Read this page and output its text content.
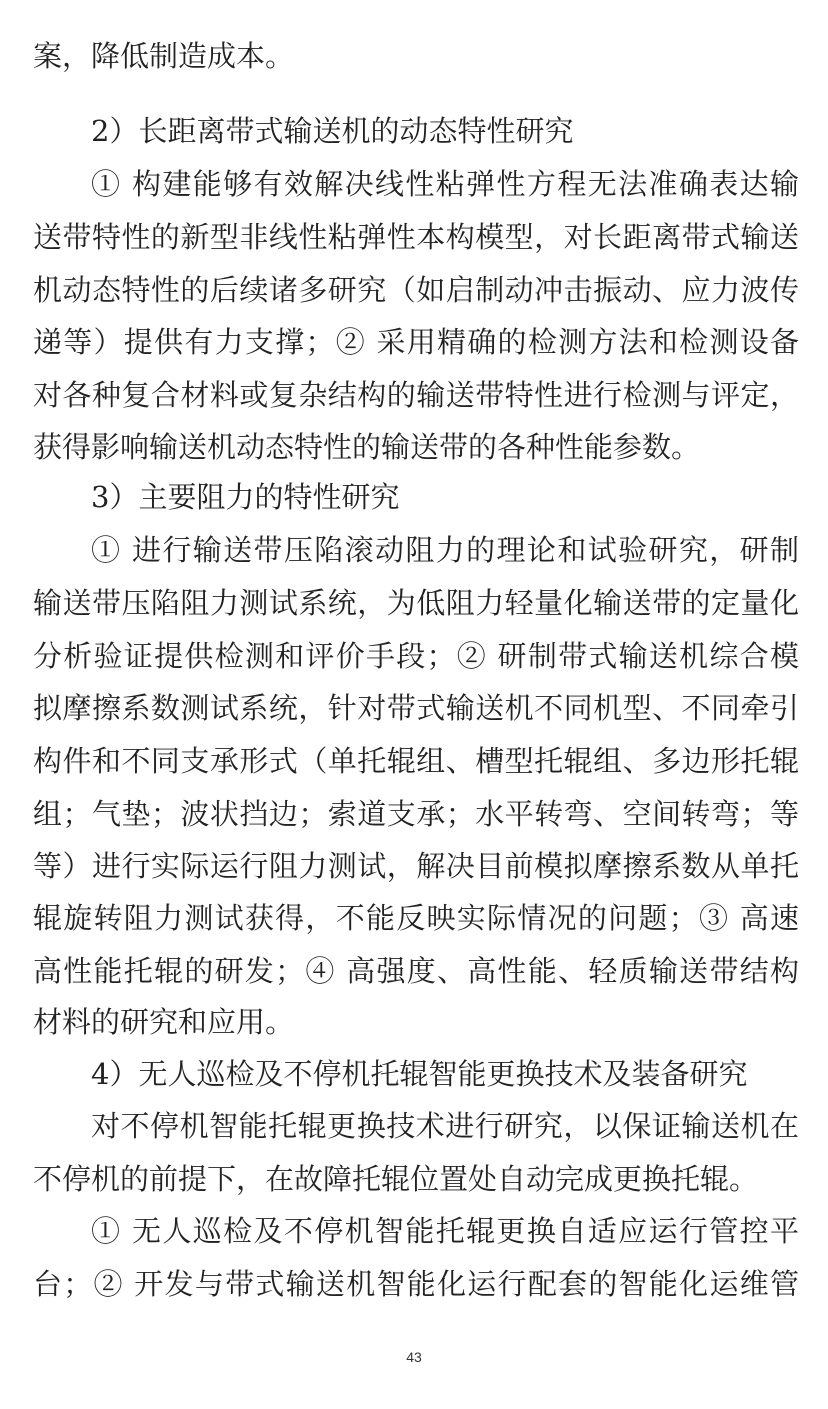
案，降低制造成本。
2）长距离带式输送机的动态特性研究
① 构建能够有效解决线性粘弹性方程无法准确表达输
送带特性的新型非线性粘弹性本构模型，对长距离带式输送
机动态特性的后续诸多研究（如启制动冲击振动、应力波传
递等）提供有力支撑；② 采用精确的检测方法和检测设备
对各种复合材料或复杂结构的输送带特性进行检测与评定，
获得影响输送机动态特性的输送带的各种性能参数。
3）主要阻力的特性研究
① 进行输送带压陷滚动阻力的理论和试验研究，研制
输送带压陷阻力测试系统，为低阻力轻量化输送带的定量化
分析验证提供检测和评价手段；② 研制带式输送机综合模
拟摩擦系数测试系统，针对带式输送机不同机型、不同牵引
构件和不同支承形式（单托辊组、槽型托辊组、多边形托辊
组；气垫；波状挡边；索道支承；水平转弯、空间转弯；等
等）进行实际运行阻力测试，解决目前模拟摩擦系数从单托
辊旋转阻力测试获得，不能反映实际情况的问题；③ 高速
高性能托辊的研发；④ 高强度、高性能、轻质输送带结构
材料的研究和应用。
4）无人巡检及不停机托辊智能更换技术及装备研究
对不停机智能托辊更换技术进行研究，以保证输送机在
不停机的前提下，在故障托辊位置处自动完成更换托辊。
① 无人巡检及不停机智能托辊更换自适应运行管控平
台；② 开发与带式输送机智能化运行配套的智能化运维管
43
